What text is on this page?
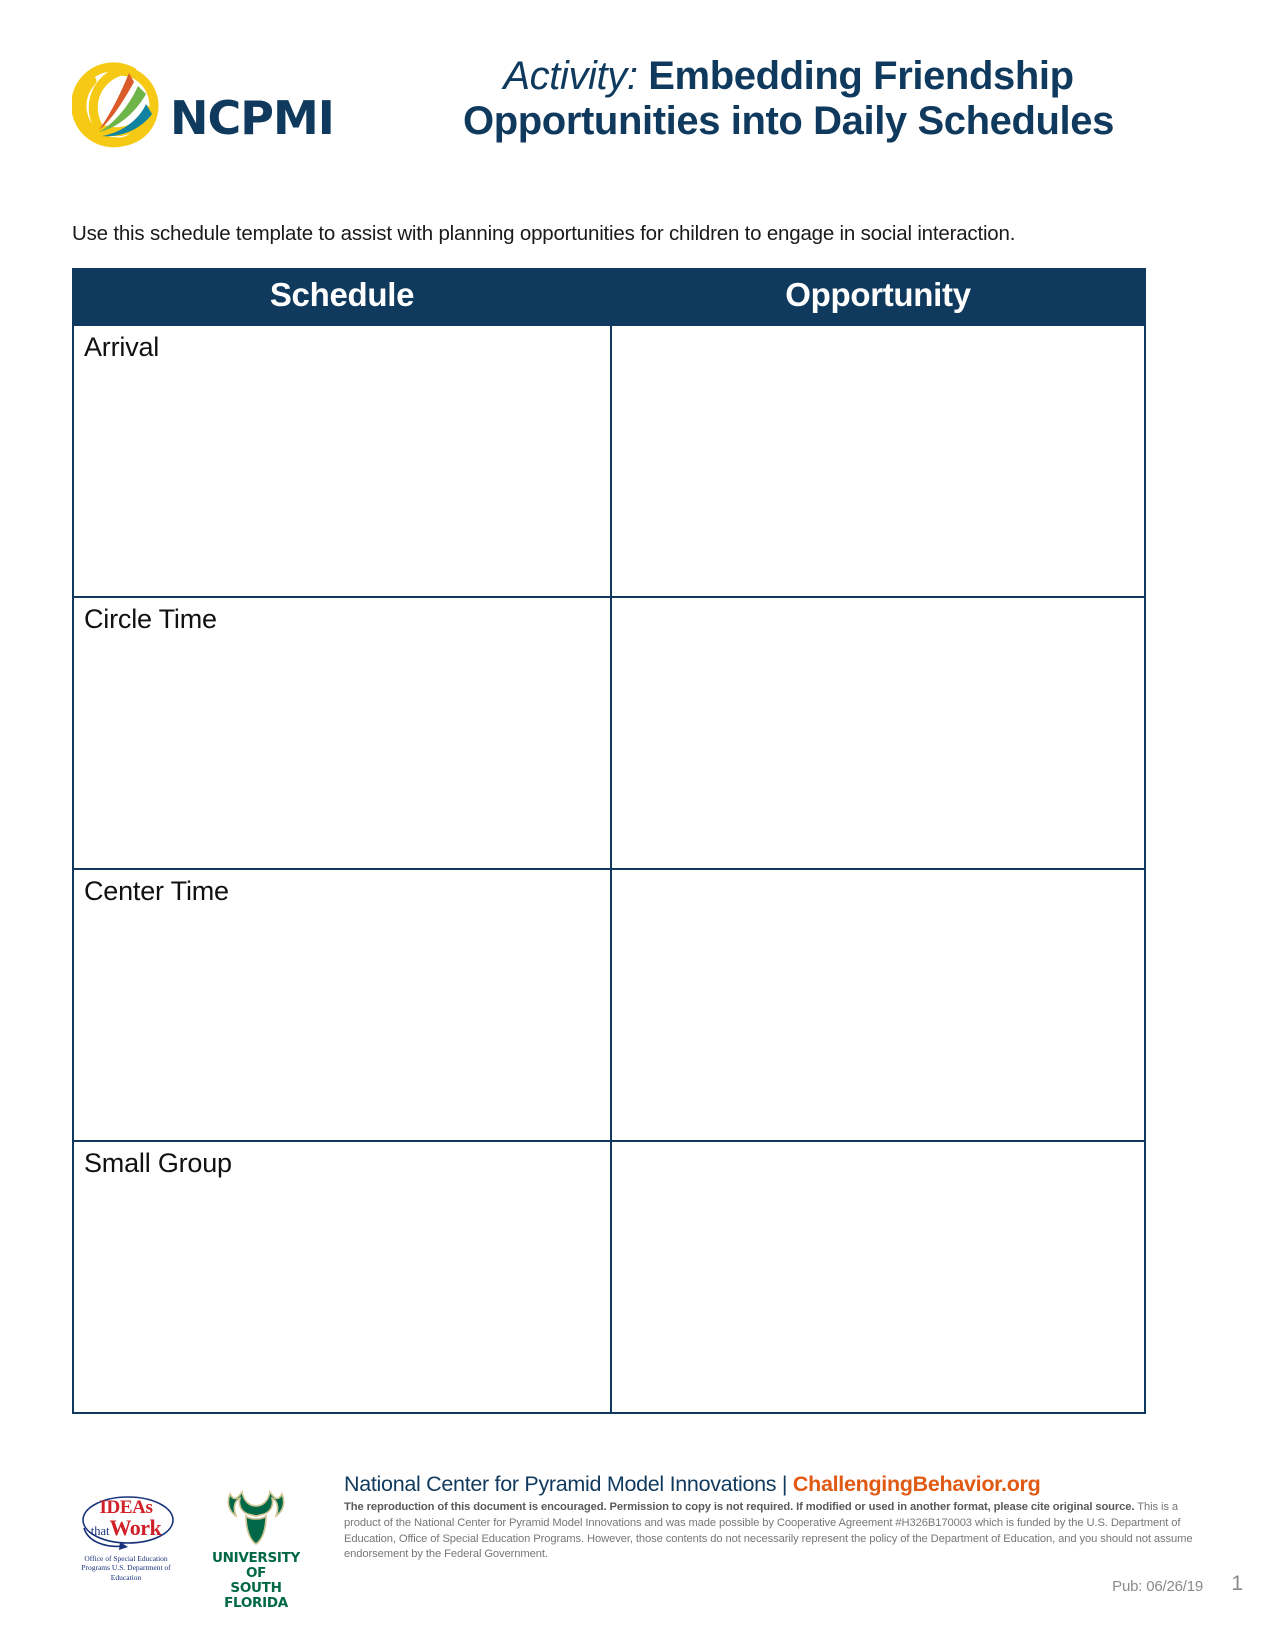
NCPMI
Activity: Embedding Friendship
Opportunities into Daily Schedules
Use this schedule template to assist with planning opportunities for children to engage in social interaction.
Schedule	Opportunity
Arrival	
Circle Time	
Center Time	
Small Group	
IDEAs
thatWork
Office of Special Education Programs U.S. Department of Education
UNIVERSITY OF
SOUTH FLORIDA
National Center for Pyramid Model Innovations | ChallengingBehavior.org
The reproduction of this document is encouraged. Permission to copy is not required. If modified or used in another format, please cite original source. This is a product of the National Center for Pyramid Model Innovations and was made possible by Cooperative Agreement #H326B170003 which is funded by the U.S. Department of Education, Office of Special Education Programs. However, those contents do not necessarily represent the policy of the Department of Education, and you should not assume endorsement by the Federal Government.
Pub: 06/26/19 1
